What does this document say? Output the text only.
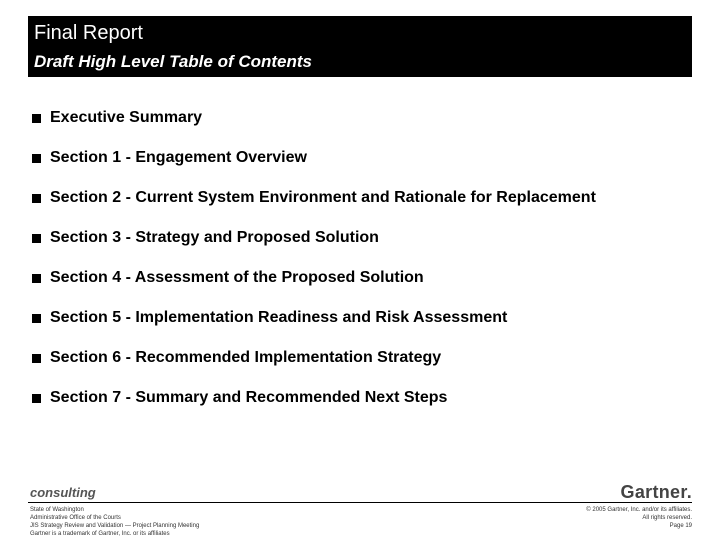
Final Report
Draft High Level Table of Contents
Executive Summary
Section 1 - Engagement Overview
Section 2 - Current System Environment and Rationale for Replacement
Section 3 - Strategy and Proposed Solution
Section 4 - Assessment of the Proposed Solution
Section 5 - Implementation Readiness and Risk Assessment
Section 6 - Recommended Implementation Strategy
Section 7 - Summary and Recommended Next Steps
consulting	Gartner.
State of Washington
Administrative Office of the Courts
JIS Strategy Review and Validation — Project Planning Meeting
Gartner is a trademark of Gartner, Inc. or its affiliates
© 2005 Gartner, Inc. and/or its affiliates.
All rights reserved.
Page 19
